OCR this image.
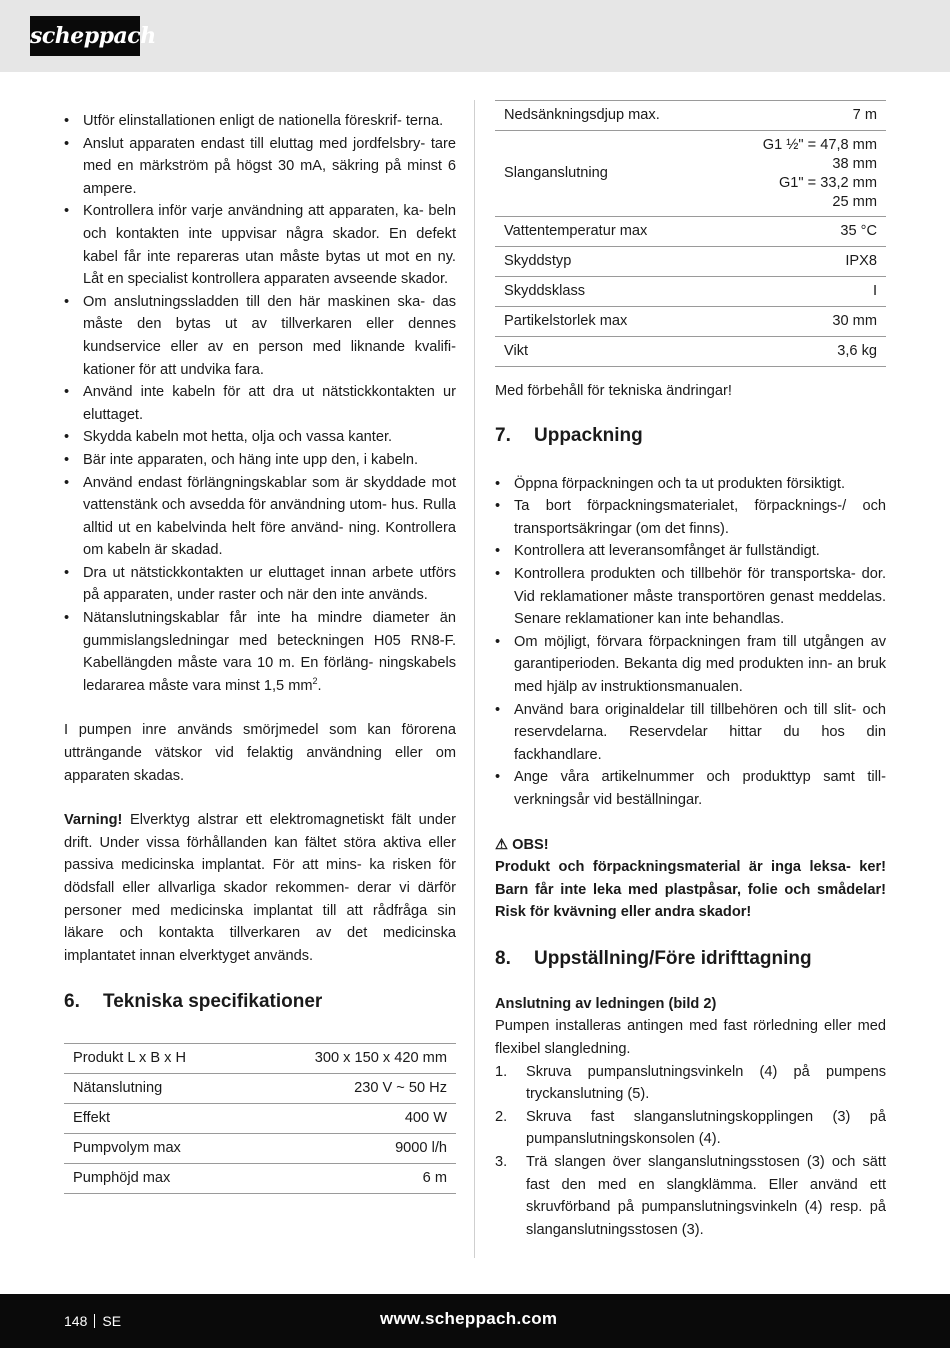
scheppach
• Utför elinstallationen enligt de nationella föreskrif- terna.
• Anslut apparaten endast till eluttag med jordfelsbry- tare med en märkström på högst 30 mA, säkring på minst 6 ampere.
• Kontrollera inför varje användning att apparaten, ka- beln och kontakten inte uppvisar några skador. En defekt kabel får inte repareras utan måste bytas ut mot en ny. Låt en specialist kontrollera apparaten avseende skador.
• Om anslutningssladden till den här maskinen ska- das måste den bytas ut av tillverkaren eller dennes kundservice eller av en person med liknande kvalifi- kationer för att undvika fara.
• Använd inte kabeln för att dra ut nätstickkontakten ur eluttaget.
• Skydda kabeln mot hetta, olja och vassa kanter.
• Bär inte apparaten, och häng inte upp den, i kabeln.
• Använd endast förlängningskablar som är skyddade mot vattenstänk och avsedda för användning utom- hus. Rulla alltid ut en kabelvinda helt före använd- ning. Kontrollera om kabeln är skadad.
• Dra ut nätstickkontakten ur eluttaget innan arbete utförs på apparaten, under raster och när den inte används.
• Nätanslutningskablar får inte ha mindre diameter än gummislangsledningar med beteckningen H05 RN8-F. Kabellängden måste vara 10 m. En förläng- ningskabels ledararea måste vara minst 1,5 $mm^2$.

I pumpen inre används smörjmedel som kan förorena utträngande vätskor vid felaktig användning eller om apparaten skadas.

Varning! Elverktyg alstrar ett elektromagnetiskt fält under drift. Under vissa förhållanden kan fältet störa aktiva eller passiva medicinska implantat. För att mins- ka risken för dödsfall eller allvarliga skador rekommen- derar vi därför personer med medicinska implantat till att rådfråga sin läkare och kontakta tillverkaren av det medicinska implantatet innan elverktyget används.

6. Tekniska specifikationer
Produkt L x B x H	300 x 150 x 420 mm
Nätanslutning	230 V ~ 50 Hz
Effekt	400 W
Pumpvolym max	9000 l/h
Pumphöjd max	6 m
Nedsänkningsdjup max.	7 m
Slanganslutning	G1 ½" = 47,8 mm
38 mm
G1" = 33,2 mm
25 mm

Vattentemperatur max	35 °C
Skyddstyp	IPX8
Skyddsklass	I
Partikelstorlek max	30 mm
Vikt	3,6 kg

Med förbehåll för tekniska ändringar!

7. Uppackning
• Öppna förpackningen och ta ut produkten försiktigt.
• Ta bort förpackningsmaterialet, förpacknings-/ och transportsäkringar (om det finns).
• Kontrollera att leveransomfånget är fullständigt.
• Kontrollera produkten och tillbehör för transportska- dor. Vid reklamationer måste transportören genast meddelas. Senare reklamationer kan inte behandlas.
• Om möjligt, förvara förpackningen fram till utgången av garantiperioden. Bekanta dig med produkten inn- an bruk med hjälp av instruktionsmanualen.
• Använd bara originaldelar till tillbehören och till slit- och reservdelarna. Reservdelar hittar du hos din fackhandlare.
• Ange våra artikelnummer och produkttyp samt till- verkningsår vid beställningar.

⚠ OBS!

Produkt och förpackningsmaterial är inga leksa- ker! Barn får inte leka med plastpåsar, folie och smådelar! Risk för kvävning eller andra skador!

8. Uppställning/Före idrifttagning

Anslutning av ledningen (bild 2)

Pumpen installeras antingen med fast rörledning eller med flexibel slangledning.

1. Skruva pumpanslutningsvinkeln (4) på pumpens tryckanslutning (5).
2. Skruva fast slanganslutningskopplingen (3) på pumpanslutningskonsolen (4).
3. Trä slangen över slanganslutningsstosen (3) och sätt fast den med en slangklämma. Eller använd ett skruvförband på pumpanslutningsvinkeln (4) resp. på slanganslutningsstosen (3).
148 SE	www.scheppach.com
